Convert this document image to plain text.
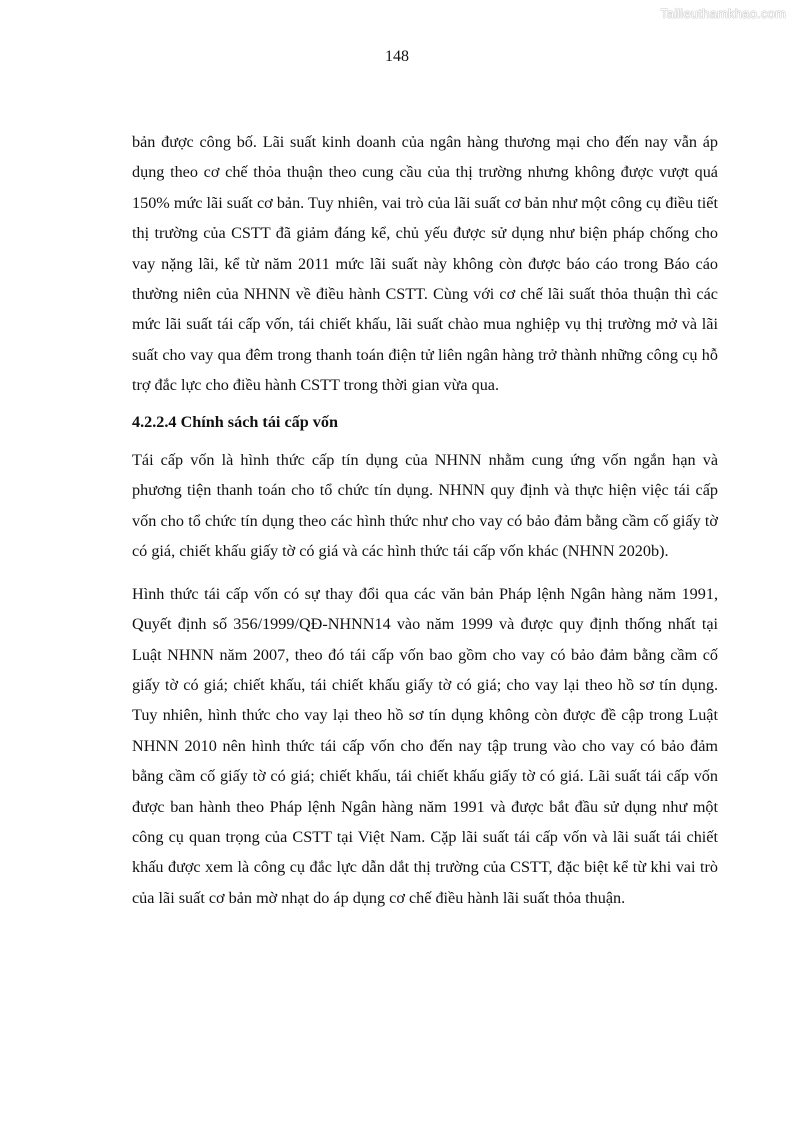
Tailieuthamkhao.com
148

bản được công bố. Lãi suất kinh doanh của ngân hàng thương mại cho đến nay vẫn áp dụng theo cơ chế thỏa thuận theo cung cầu của thị trường nhưng không được vượt quá 150% mức lãi suất cơ bản. Tuy nhiên, vai trò của lãi suất cơ bản như một công cụ điều tiết thị trường của CSTT đã giảm đáng kể, chủ yếu được sử dụng như biện pháp chống cho vay nặng lãi, kể từ năm 2011 mức lãi suất này không còn được báo cáo trong Báo cáo thường niên của NHNN về điều hành CSTT. Cùng với cơ chế lãi suất thỏa thuận thì các mức lãi suất tái cấp vốn, tái chiết khấu, lãi suất chào mua nghiệp vụ thị trường mở và lãi suất cho vay qua đêm trong thanh toán điện tử liên ngân hàng trở thành những công cụ hỗ trợ đắc lực cho điều hành CSTT trong thời gian vừa qua.

4.2.2.4 Chính sách tái cấp vốn

Tái cấp vốn là hình thức cấp tín dụng của NHNN nhằm cung ứng vốn ngắn hạn và phương tiện thanh toán cho tổ chức tín dụng. NHNN quy định và thực hiện việc tái cấp vốn cho tổ chức tín dụng theo các hình thức như cho vay có bảo đảm bằng cầm cố giấy tờ có giá, chiết khấu giấy tờ có giá và các hình thức tái cấp vốn khác (NHNN 2020b).

Hình thức tái cấp vốn có sự thay đổi qua các văn bản Pháp lệnh Ngân hàng năm 1991, Quyết định số 356/1999/QĐ-NHNN14 vào năm 1999 và được quy định thống nhất tại Luật NHNN năm 2007, theo đó tái cấp vốn bao gồm cho vay có bảo đảm bằng cầm cố giấy tờ có giá; chiết khấu, tái chiết khấu giấy tờ có giá; cho vay lại theo hồ sơ tín dụng. Tuy nhiên, hình thức cho vay lại theo hồ sơ tín dụng không còn được đề cập trong Luật NHNN 2010 nên hình thức tái cấp vốn cho đến nay tập trung vào cho vay có bảo đảm bằng cầm cố giấy tờ có giá; chiết khấu, tái chiết khấu giấy tờ có giá. Lãi suất tái cấp vốn được ban hành theo Pháp lệnh Ngân hàng năm 1991 và được bắt đầu sử dụng như một công cụ quan trọng của CSTT tại Việt Nam. Cặp lãi suất tái cấp vốn và lãi suất tái chiết khấu được xem là công cụ đắc lực dẫn dắt thị trường của CSTT, đặc biệt kể từ khi vai trò của lãi suất cơ bản mờ nhạt do áp dụng cơ chế điều hành lãi suất thỏa thuận.
